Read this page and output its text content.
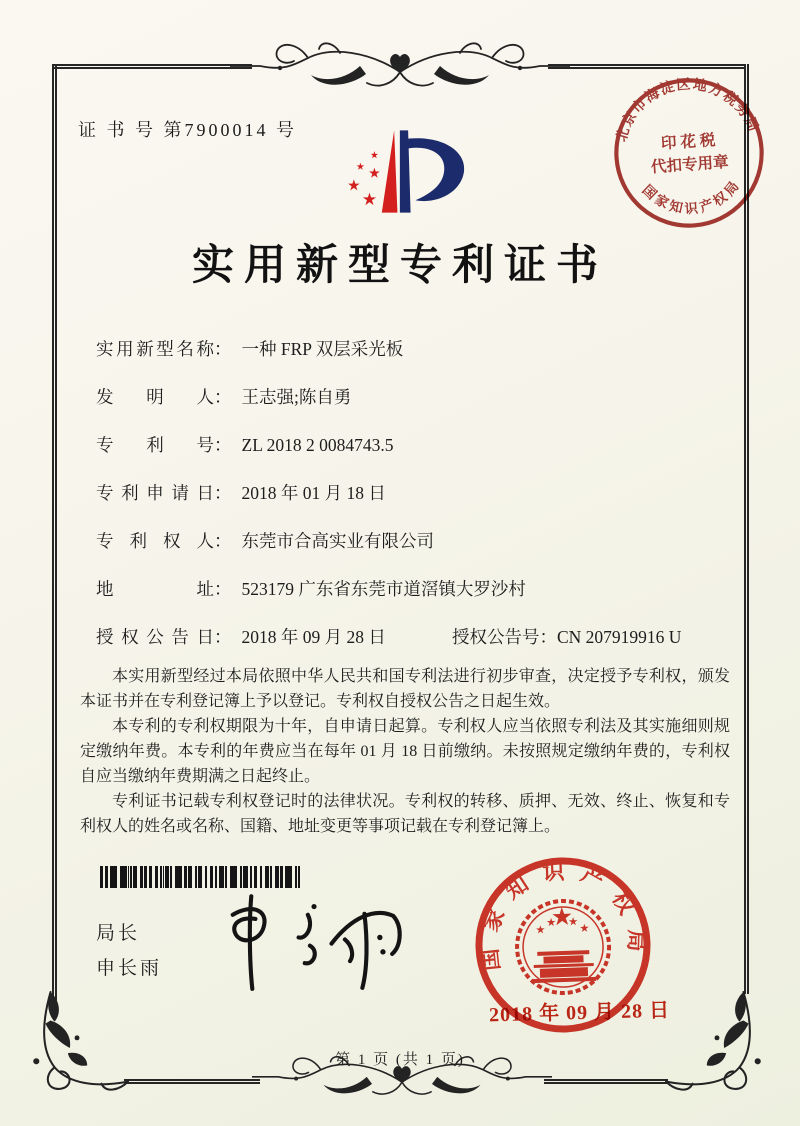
证 书 号 第7900014 号	北京市海淀区地方税务局
国家知识产权局
印 花 税
代扣专用章
实用新型专利证书
实用新型名称： 一种 FRP 双层采光板
发明人： 王志强;陈自勇
专利号： ZL 2018 2 0084743.5
专利申请日： 2018 年 01 月 18 日
专利权人： 东莞市合高实业有限公司
地址： 523179 广东省东莞市道滘镇大罗沙村
授权公告日： 2018 年 09 月 28 日	授权公告号：CN 207919916 U

本实用新型经过本局依照中华人民共和国专利法进行初步审查，决定授予专利权，颁发本证书并在专利登记簿上予以登记。专利权自授权公告之日起生效。

本专利的专利权期限为十年，自申请日起算。专利权人应当依照专利法及其实施细则规定缴纳年费。本专利的年费应当在每年 01 月 18 日前缴纳。未按照规定缴纳年费的，专利权自应当缴纳年费期满之日起终止。

专利证书记载专利权登记时的法律状况。专利权的转移、质押、无效、终止、恢复和专利权人的姓名或名称、国籍、地址变更等事项记载在专利登记簿上。

局长
申长雨	国家知识产权局
2018 年 09 月 28 日
第 1 页 (共 1 页)
